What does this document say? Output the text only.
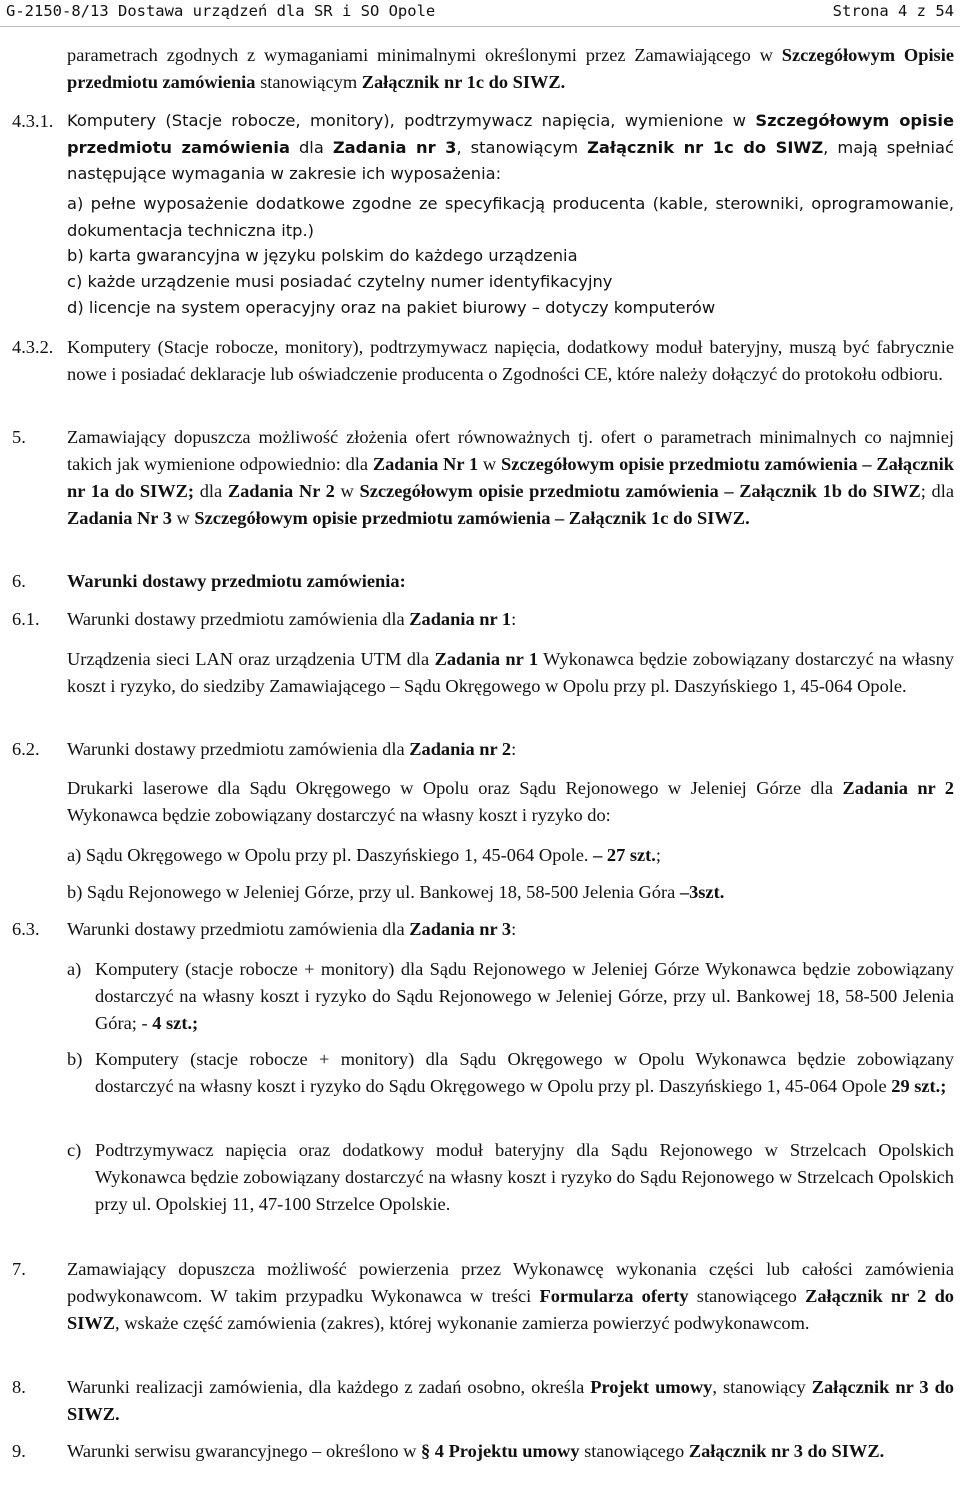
G-2150-8/13 Dostawa urządzeń dla SR i SO Opole	Strona 4 z 54

parametrach zgodnych z wymaganiami minimalnymi określonymi przez Zamawiającego w Szczegółowym Opisie przedmiotu zamówienia stanowiącym Załącznik nr 1c do SIWZ.

4.3.1. Komputery (Stacje robocze, monitory), podtrzymywacz napięcia, wymienione w Szczegółowym opisie przedmiotu zamówienia dla Zadania nr 3, stanowiącym Załącznik nr 1c do SIWZ, mają spełniać następujące wymagania w zakresie ich wyposażenia:

a) pełne wyposażenie dodatkowe zgodne ze specyfikacją producenta (kable, sterowniki, oprogramowanie, dokumentacja techniczna itp.)

b) karta gwarancyjna w języku polskim do każdego urządzenia

c) każde urządzenie musi posiadać czytelny numer identyfikacyjny

d) licencje na system operacyjny oraz na pakiet biurowy – dotyczy komputerów

4.3.2. Komputery (Stacje robocze, monitory), podtrzymywacz napięcia, dodatkowy moduł bateryjny, muszą być fabrycznie nowe i posiadać deklaracje lub oświadczenie producenta o Zgodności CE, które należy dołączyć do protokołu odbioru.

5. Zamawiający dopuszcza możliwość złożenia ofert równoważnych tj. ofert o parametrach minimalnych co najmniej takich jak wymienione odpowiednio: dla Zadania Nr 1 w Szczegółowym opisie przedmiotu zamówienia – Załącznik nr 1a do SIWZ; dla Zadania Nr 2 w Szczegółowym opisie przedmiotu zamówienia – Załącznik 1b do SIWZ; dla Zadania Nr 3 w Szczegółowym opisie przedmiotu zamówienia – Załącznik 1c do SIWZ.

6. Warunki dostawy przedmiotu zamówienia:
6.1. Warunki dostawy przedmiotu zamówienia dla Zadania nr 1:

Urządzenia sieci LAN oraz urządzenia UTM dla Zadania nr 1 Wykonawca będzie zobowiązany dostarczyć na własny koszt i ryzyko, do siedziby Zamawiającego – Sądu Okręgowego w Opolu przy pl. Daszyńskiego 1, 45-064 Opole.

6.2. Warunki dostawy przedmiotu zamówienia dla Zadania nr 2:

Drukarki laserowe dla Sądu Okręgowego w Opolu oraz Sądu Rejonowego w Jeleniej Górze dla Zadania nr 2 Wykonawca będzie zobowiązany dostarczyć na własny koszt i ryzyko do:

a) Sądu Okręgowego w Opolu przy pl. Daszyńskiego 1, 45-064 Opole. – 27 szt.;

b) Sądu Rejonowego w Jeleniej Górze, przy ul. Bankowej 18, 58-500 Jelenia Góra –3szt.

6.3. Warunki dostawy przedmiotu zamówienia dla Zadania nr 3:

a) Komputery (stacje robocze + monitory) dla Sądu Rejonowego w Jeleniej Górze Wykonawca będzie zobowiązany dostarczyć na własny koszt i ryzyko do Sądu Rejonowego w Jeleniej Górze, przy ul. Bankowej 18, 58-500 Jelenia Góra; - 4 szt.;

b) Komputery (stacje robocze + monitory) dla Sądu Okręgowego w Opolu Wykonawca będzie zobowiązany dostarczyć na własny koszt i ryzyko do Sądu Okręgowego w Opolu przy pl. Daszyńskiego 1, 45-064 Opole 29 szt.;

c) Podtrzymywacz napięcia oraz dodatkowy moduł bateryjny dla Sądu Rejonowego w Strzelcach Opolskich Wykonawca będzie zobowiązany dostarczyć na własny koszt i ryzyko do Sądu Rejonowego w Strzelcach Opolskich przy ul. Opolskiej 11, 47-100 Strzelce Opolskie.

7. Zamawiający dopuszcza możliwość powierzenia przez Wykonawcę wykonania części lub całości zamówienia podwykonawcom. W takim przypadku Wykonawca w treści Formularza oferty stanowiącego Załącznik nr 2 do SIWZ, wskaże część zamówienia (zakres), której wykonanie zamierza powierzyć podwykonawcom.

8. Warunki realizacji zamówienia, dla każdego z zadań osobno, określa Projekt umowy, stanowiący Załącznik nr 3 do SIWZ.

9. Warunki serwisu gwarancyjnego – określono w § 4 Projektu umowy stanowiącego Załącznik nr 3 do SIWZ.
